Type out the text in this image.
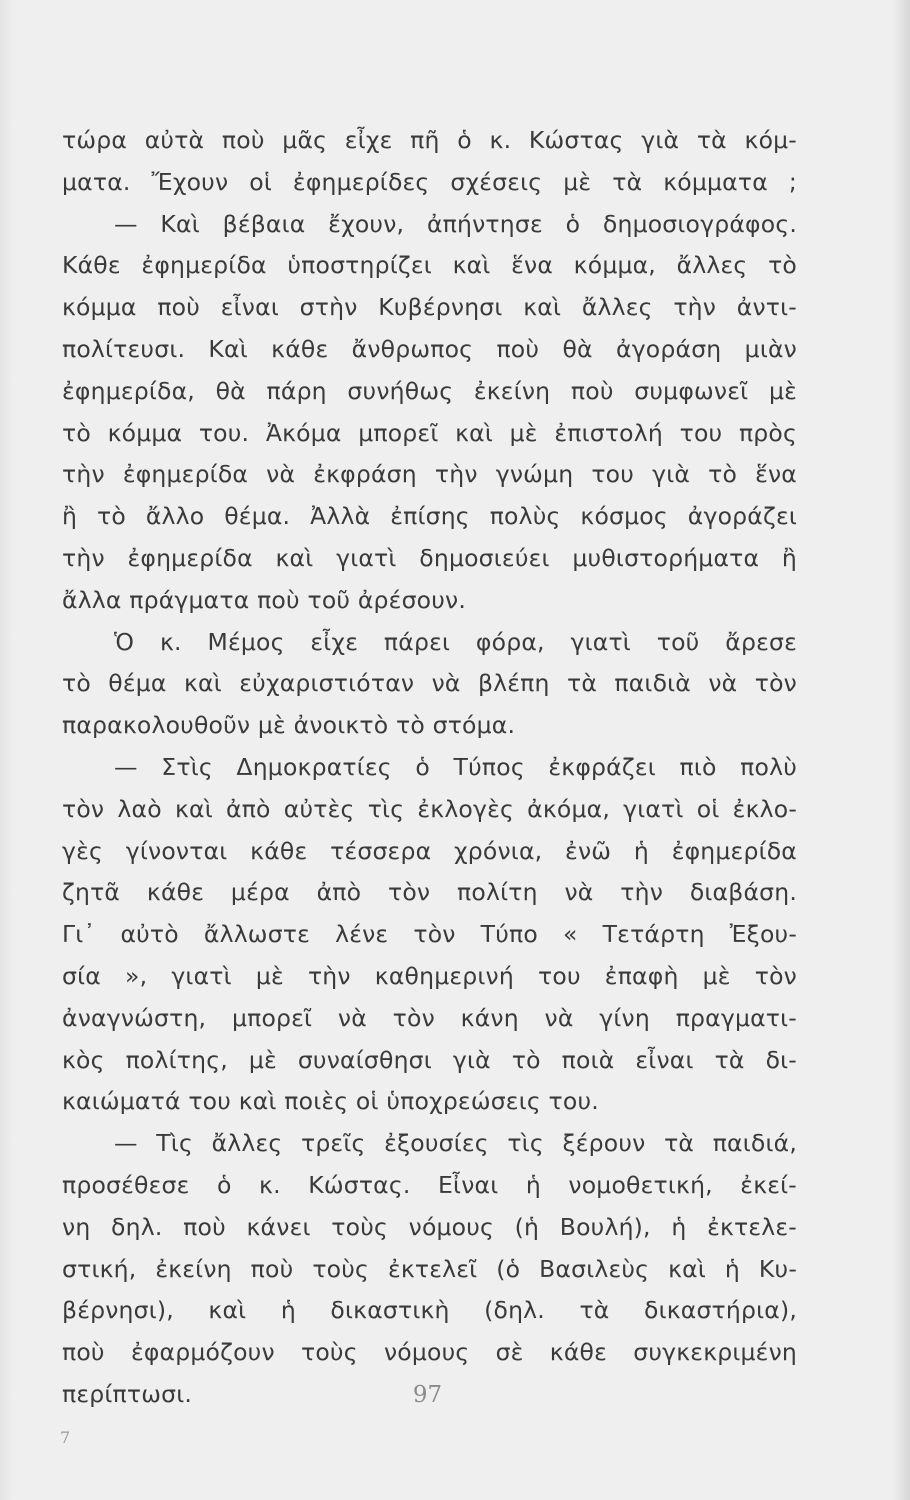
τώρα αὐτὰ ποὺ μᾶς εἶχε πῆ ὁ κ. Κώστας γιὰ τὰ κόμ-
ματα. Ἔχουν οἱ ἐφημερίδες σχέσεις μὲ τὰ κόμματα ;
— Καὶ βέβαια ἔχουν, ἀπήντησε ὁ δημοσιογράφος.
Κάθε ἐφημερίδα ὑποστηρίζει καὶ ἕνα κόμμα, ἄλλες τὸ
κόμμα ποὺ εἶναι στὴν Κυβέρνησι καὶ ἄλλες τὴν ἀντι-
πολίτευσι. Καὶ κάθε ἄνθρωπος ποὺ θὰ ἀγοράση μιὰν
ἐφημερίδα, θὰ πάρη συνήθως ἐκείνη ποὺ συμφωνεῖ μὲ
τὸ κόμμα του. Ἀκόμα μπορεῖ καὶ μὲ ἐπιστολή του πρὸς
τὴν ἐφημερίδα νὰ ἐκφράση τὴν γνώμη του γιὰ τὸ ἕνα
ἢ τὸ ἄλλο θέμα. Ἀλλὰ ἐπίσης πολὺς κόσμος ἀγοράζει
τὴν ἐφημερίδα καὶ γιατὶ δημοσιεύει μυθιστορήματα ἢ
ἄλλα πράγματα ποὺ τοῦ ἀρέσουν.
Ὁ κ. Μέμος εἶχε πάρει φόρα, γιατὶ τοῦ ἄρεσε
τὸ θέμα καὶ εὐχαριστιόταν νὰ βλέπη τὰ παιδιὰ νὰ τὸν
παρακολουθοῦν μὲ ἀνοικτὸ τὸ στόμα.
— Στὶς Δημοκρατίες ὁ Τύπος ἐκφράζει πιὸ πολὺ
τὸν λαὸ καὶ ἀπὸ αὐτὲς τὶς ἐκλογὲς ἀκόμα, γιατὶ οἱ ἐκλο-
γὲς γίνονται κάθε τέσσερα χρόνια, ἐνῶ ἡ ἐφημερίδα
ζητᾶ κάθε μέρα ἀπὸ τὸν πολίτη νὰ τὴν διαβάση.
Γι᾿ αὐτὸ ἄλλωστε λένε τὸν Τύπο « Τετάρτη Ἐξου-
σία », γιατὶ μὲ τὴν καθημερινή του ἐπαφὴ μὲ τὸν
ἀναγνώστη, μπορεῖ νὰ τὸν κάνη νὰ γίνη πραγματι-
κὸς πολίτης, μὲ συναίσθησι γιὰ τὸ ποιὰ εἶναι τὰ δι-
καιώματά του καὶ ποιὲς οἱ ὑποχρεώσεις του.
— Τὶς ἄλλες τρεῖς ἐξουσίες τὶς ξέρουν τὰ παιδιά,
προσέθεσε ὁ κ. Κώστας. Εἶναι ἡ νομοθετική, ἐκεί-
νη δηλ. ποὺ κάνει τοὺς νόμους (ἡ Βουλή), ἡ ἐκτελε-
στική, ἐκείνη ποὺ τοὺς ἐκτελεῖ (ὁ Βασιλεὺς καὶ ἡ Κυ-
βέρνησι), καὶ ἡ δικαστικὴ (δηλ. τὰ δικαστήρια),
ποὺ ἐφαρμόζουν τοὺς νόμους σὲ κάθε συγκεκριμένη
περίπτωσι.	97
7
